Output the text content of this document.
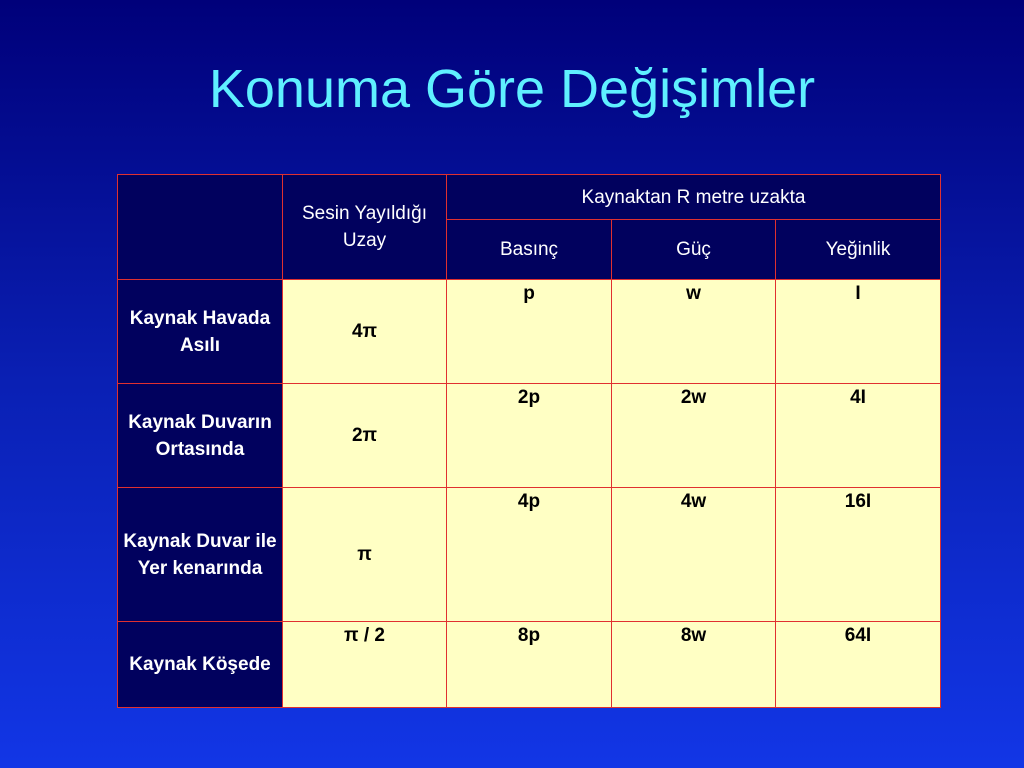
Konuma Göre Değişimler
	Sesin Yayıldığı Uzay	Kaynaktan R metre uzakta		
		Basınç	Güç	Yeğinlik
Kaynak Havada Asılı	4π	p	w	I
Kaynak Duvarın Ortasında	2π	2p	2w	4I
Kaynak Duvar ile Yer kenarında	π	4p	4w	16I
Kaynak Köşede	π / 2	8p	8w	64I
